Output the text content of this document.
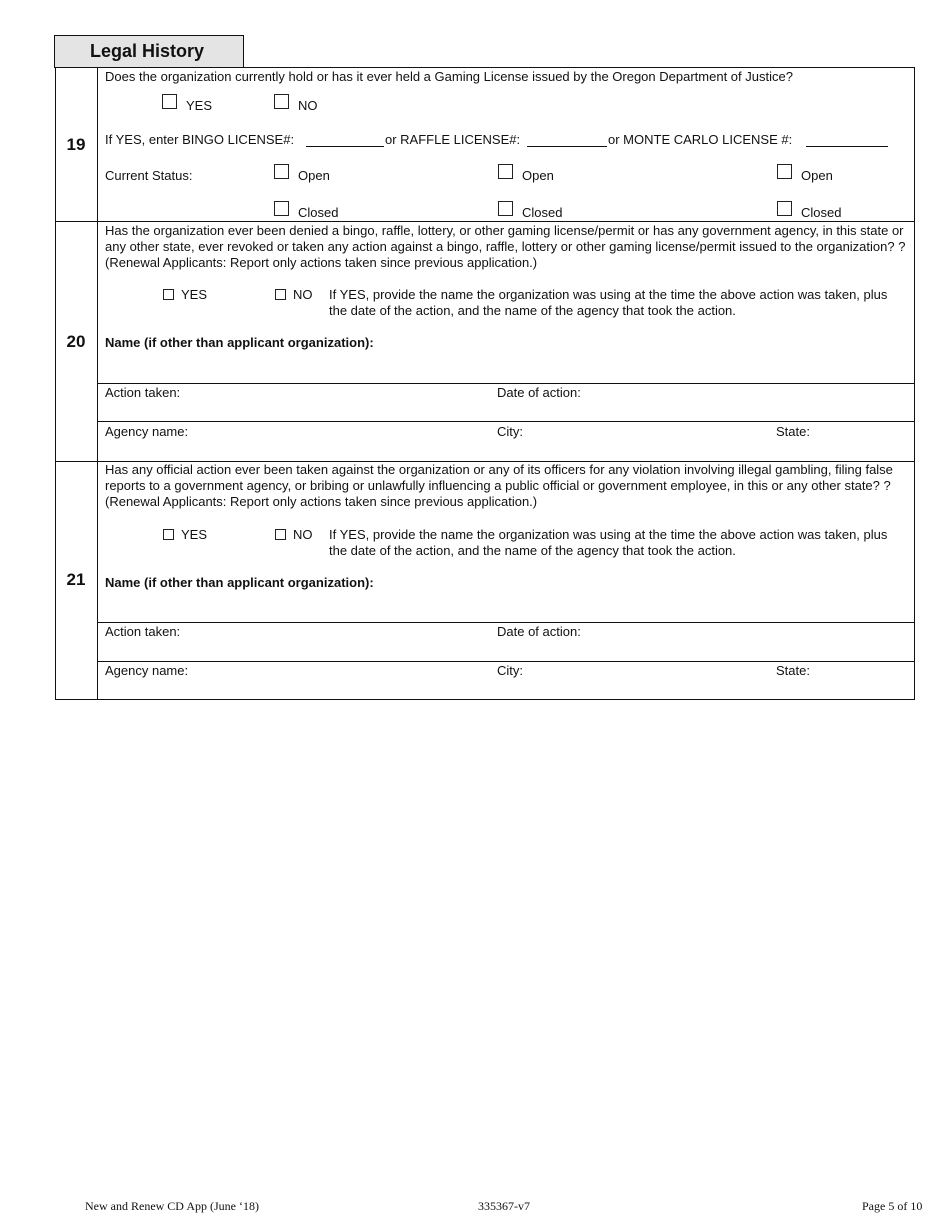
Legal History
19
Does the organization currently hold or has it ever held a Gaming License issued by the Oregon Department of Justice?
YES	NO
If YES, enter BINGO LICENSE#:	or RAFFLE LICENSE#:	or MONTE CARLO LICENSE #:
Current Status:	Open	Open	Open
Closed	Closed	Closed
20
Has the organization ever been denied a bingo, raffle, lottery, or other gaming license/permit or has any government agency, in this state or any other state, ever revoked or taken any action against a bingo, raffle, lottery or other gaming license/permit issued to the organization? ? (Renewal Applicants: Report only actions taken since previous application.)
YES	NO If YES, provide the name the organization was using at the time the above action was taken, plus the date of the action, and the name of the agency that took the action.
Name (if other than applicant organization):
Action taken:	Date of action:
Agency name:	City:	State:
21
Has any official action ever been taken against the organization or any of its officers for any violation involving illegal gambling, filing false reports to a government agency, or bribing or unlawfully influencing a public official or government employee, in this or any other state? ? (Renewal Applicants: Report only actions taken since previous application.)
YES	NO If YES, provide the name the organization was using at the time the above action was taken, plus the date of the action, and the name of the agency that took the action.
Name (if other than applicant organization):
Action taken:	Date of action:
Agency name:	City:	State:
New and Renew CD App (June ‘18)	335367-v7	Page 5 of 10
